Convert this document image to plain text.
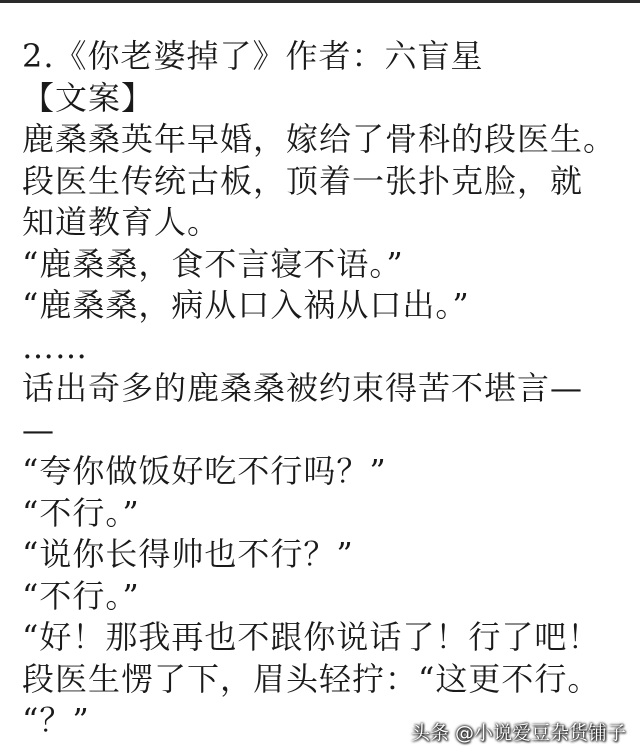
2.《你老婆掉了》作者：六盲星
【文案】
鹿桑桑英年早婚，嫁给了骨科的段医生。
段医生传统古板，顶着一张扑克脸，就
知道教育人。
“鹿桑桑，食不言寝不语。”
“鹿桑桑，病从口入祸从口出。”
……
话出奇多的鹿桑桑被约束得苦不堪言—
—
“夸你做饭好吃不行吗？”
“不行。”
“说你长得帅也不行？”
“不行。”
“好！那我再也不跟你说话了！行了吧！
段医生愣了下，眉头轻拧：“这更不行。
“？”	头条 @小说爱豆杂货铺子
